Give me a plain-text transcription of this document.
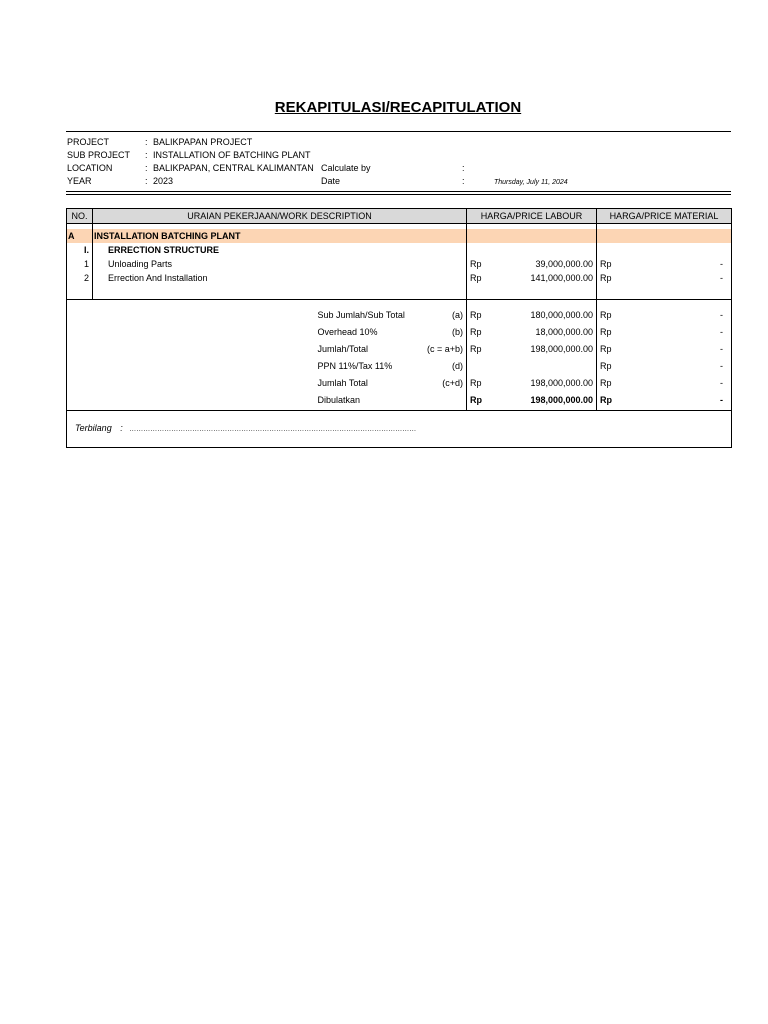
REKAPITULASI/RECAPITULATION
PROJECT	: BALIKPAPAN PROJECT
SUB PROJECT : INSTALLATION OF BATCHING PLANT
LOCATION	: BALIKPAPAN, CENTRAL KALIMANTAN Calculate by	:
YEAR	: 2023	Date	:	Thursday, July 11, 2024
NO.	URAIAN PEKERJAAN/WORK DESCRIPTION			HARGA/PRICE LABOUR	HARGA/PRICE MATERIAL

A	INSTALLATION BATCHING PLANT				
I.	ERRECTION STRUCTURE				
1	Unloading Parts			Rp 39,000,000.00	Rp -

2	Errection And Installation			Rp 141,000,000.00	Rp -

		Sub Jumlah/Sub Total	(a)	Rp 180,000,000.00	Rp -

		Overhead 10%	(b)	Rp 18,000,000.00	Rp -

		Jumlah/Total	(c = a+b)	Rp 198,000,000.00	Rp -

		PPN 11%/Tax 11%	(d)		Rp -

		Jumlah Total	(c+d)	Rp 198,000,000.00	Rp -

		Dibulatkan		Rp 198,000,000.00	Rp -

Terbilang : ……………………………………………………………………………………………………………					
